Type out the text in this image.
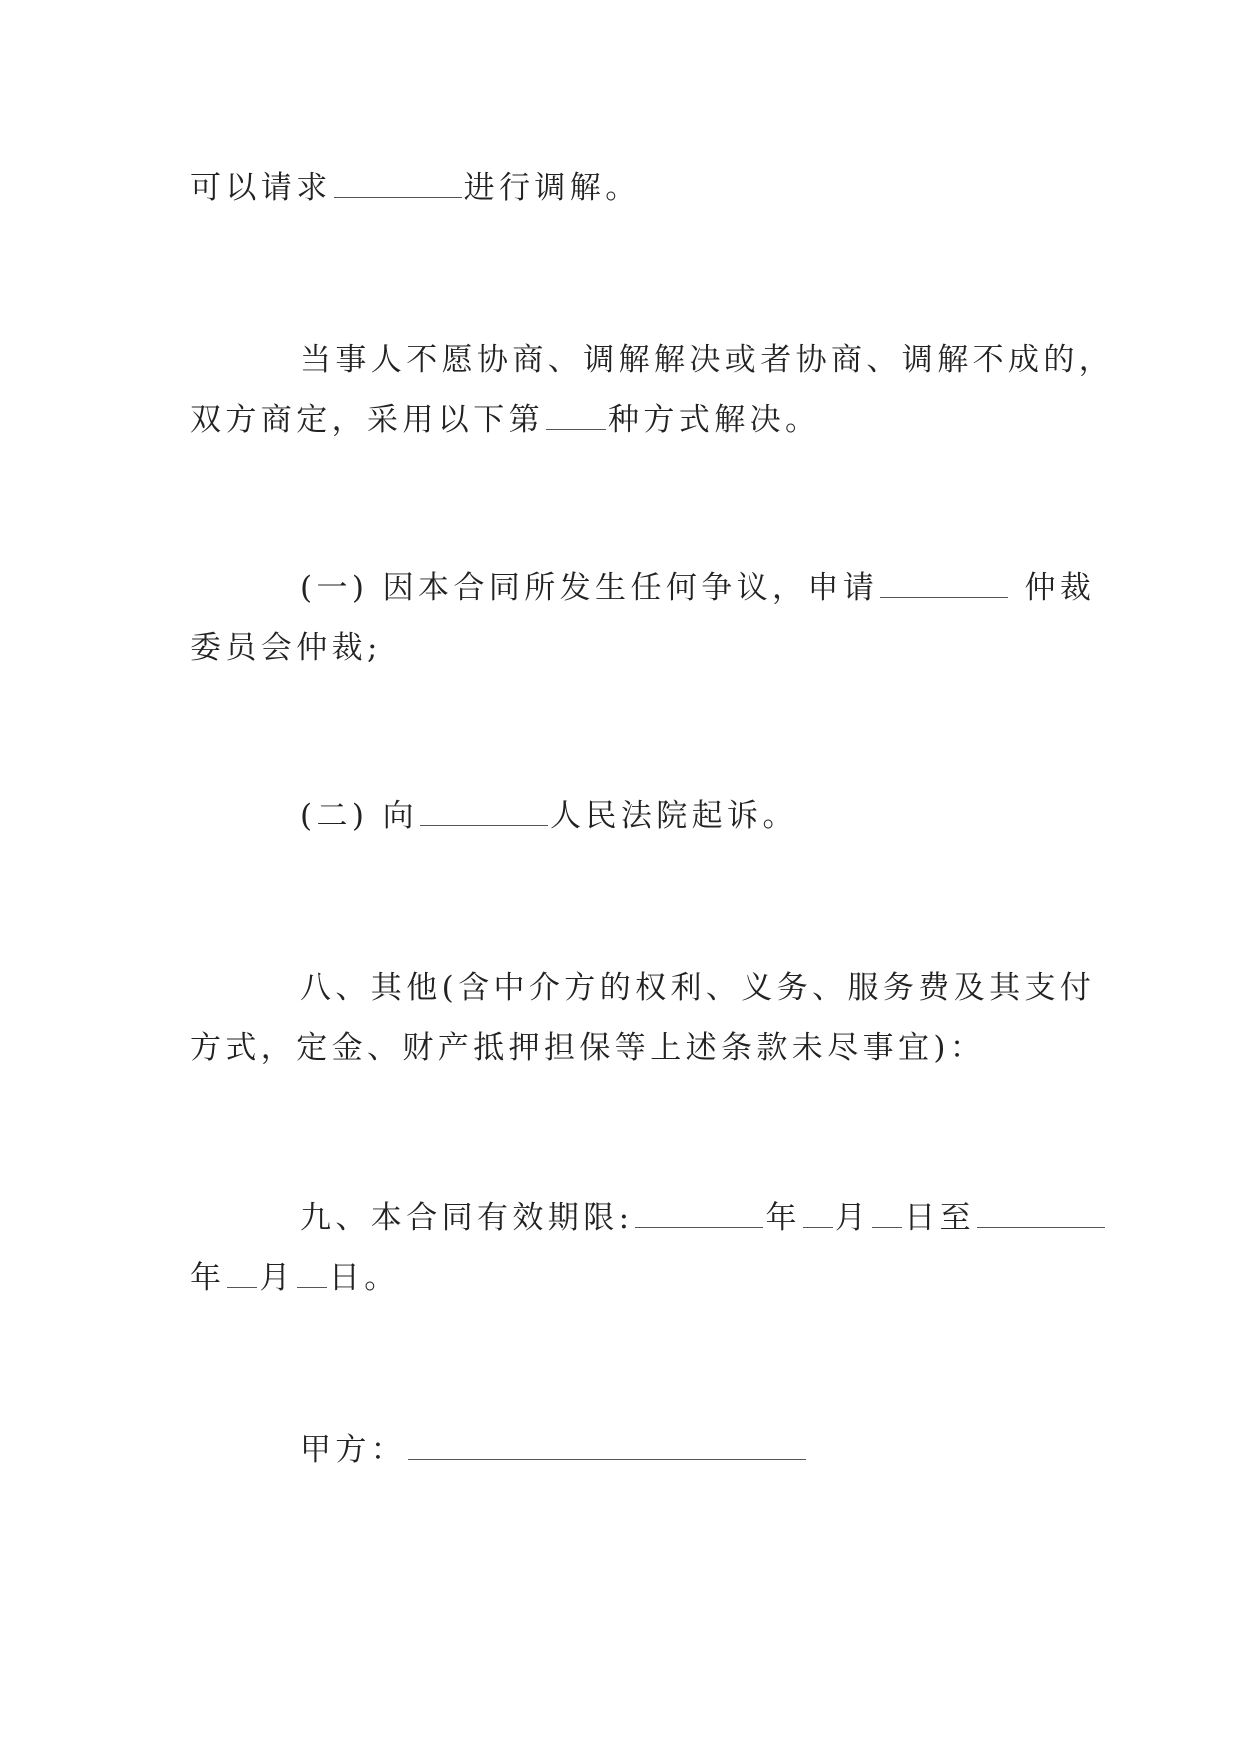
可以请求	进行调解。
当事人不愿协商、调解解决或者协商、调解不成的，
双方商定，采用以下第 种方式解决。
(一) 因本合同所发生任何争议，申请	仲裁
委员会仲裁;
(二) 向	人民法院起诉。
八、其他(含中介方的权利、义务、服务费及其支付
方式，定金、财产抵押担保等上述条款未尽事宜)：
九、本合同有效期限:	年 月 日至
年 月 日。
甲方：
